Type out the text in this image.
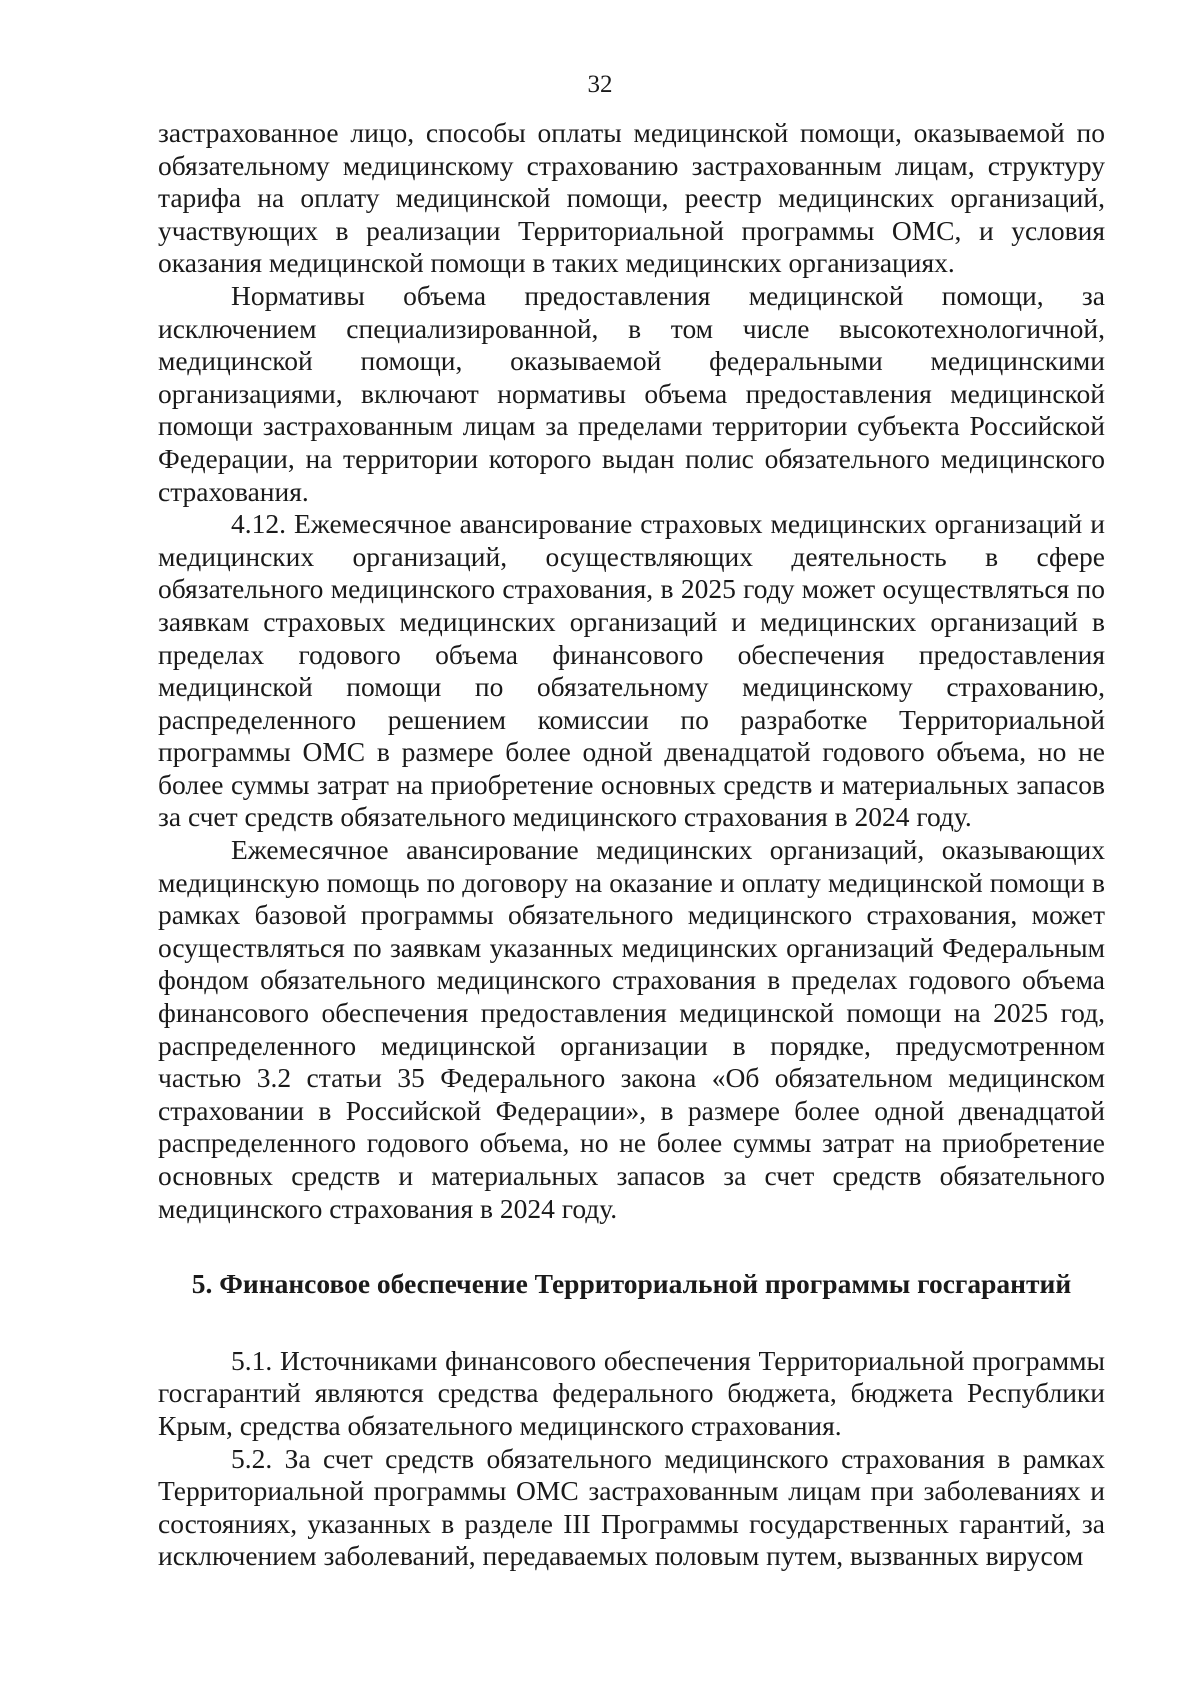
32

застрахованное лицо, способы оплаты медицинской помощи, оказываемой по обязательному медицинскому страхованию застрахованным лицам, структуру тарифа на оплату медицинской помощи, реестр медицинских организаций, участвующих в реализации Территориальной программы ОМС, и условия оказания медицинской помощи в таких медицинских организациях.

Нормативы объема предоставления медицинской помощи, за исключением специализированной, в том числе высокотехнологичной, медицинской помощи, оказываемой федеральными медицинскими организациями, включают нормативы объема предоставления медицинской помощи застрахованным лицам за пределами территории субъекта Российской Федерации, на территории которого выдан полис обязательного медицинского страхования.

4.12. Ежемесячное авансирование страховых медицинских организаций и медицинских организаций, осуществляющих деятельность в сфере обязательного медицинского страхования, в 2025 году может осуществляться по заявкам страховых медицинских организаций и медицинских организаций в пределах годового объема финансового обеспечения предоставления медицинской помощи по обязательному медицинскому страхованию, распределенного решением комиссии по разработке Территориальной программы ОМС в размере более одной двенадцатой годового объема, но не более суммы затрат на приобретение основных средств и материальных запасов за счет средств обязательного медицинского страхования в 2024 году.

Ежемесячное авансирование медицинских организаций, оказывающих медицинскую помощь по договору на оказание и оплату медицинской помощи в рамках базовой программы обязательного медицинского страхования, может осуществляться по заявкам указанных медицинских организаций Федеральным фондом обязательного медицинского страхования в пределах годового объема финансового обеспечения предоставления медицинской помощи на 2025 год, распределенного медицинской организации в порядке, предусмотренном частью 3.2 статьи 35 Федерального закона «Об обязательном медицинском страховании в Российской Федерации», в размере более одной двенадцатой распределенного годового объема, но не более суммы затрат на приобретение основных средств и материальных запасов за счет средств обязательного медицинского страхования в 2024 году.

5. Финансовое обеспечение Территориальной программы госгарантий

5.1. Источниками финансового обеспечения Территориальной программы госгарантий являются средства федерального бюджета, бюджета Республики Крым, средства обязательного медицинского страхования.

5.2. За счет средств обязательного медицинского страхования в рамках Территориальной программы ОМС застрахованным лицам при заболеваниях и состояниях, указанных в разделе III Программы государственных гарантий, за исключением заболеваний, передаваемых половым путем, вызванных вирусом
